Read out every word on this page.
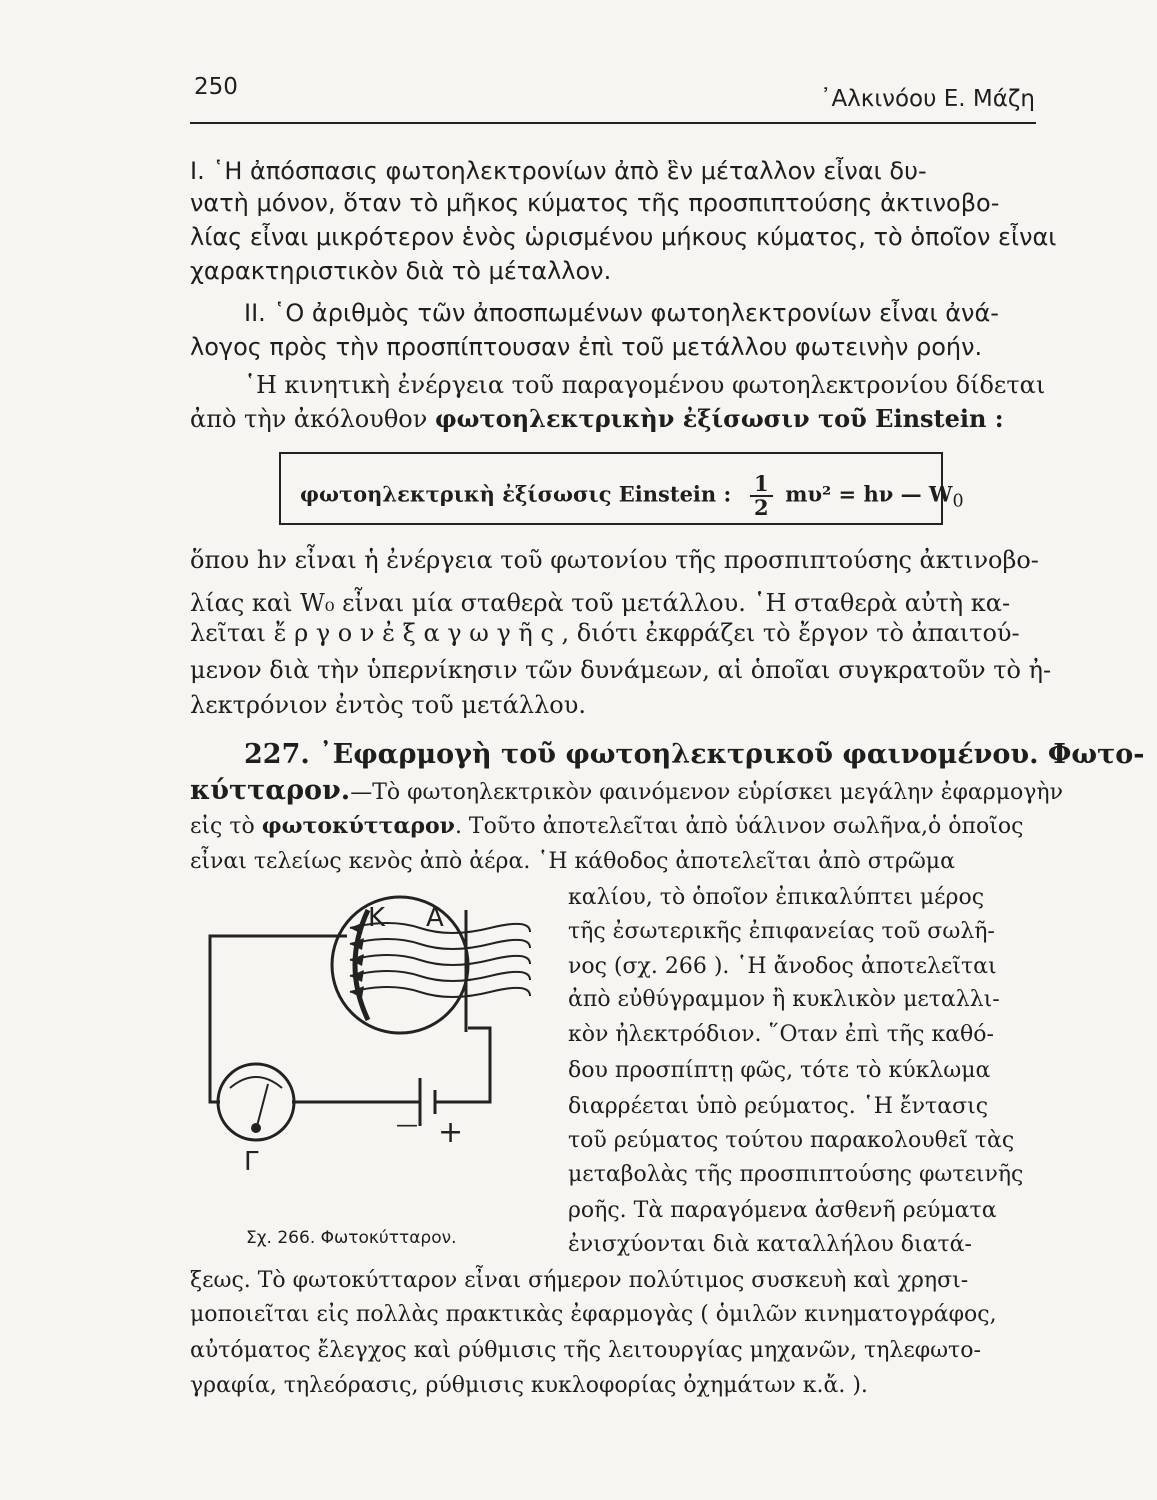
250	᾿Αλκινόου Ε. Μάζη
I. ῾Η ἀπόσπασις φωτοηλεκτρονίων ἀπὸ ἓν μέταλλον εἶναι δυ-
νατὴ μόνον, ὅταν τὸ μῆκος κύματος τῆς προσπιπτούσης ἀκτινοβο-
λίας εἶναι μικρότερον ἑνὸς ὡρισμένου μήκους κύματος, τὸ ὁποῖον εἶναι
χαρακτηριστικὸν διὰ τὸ μέταλλον.
II. ῾Ο ἀριθμὸς τῶν ἀποσπωμένων φωτοηλεκτρονίων εἶναι ἀνά-
λογος πρὸς τὴν προσπίπτουσαν ἐπὶ τοῦ μετάλλου φωτεινὴν ροήν.
῾Η κινητικὴ ἐνέργεια τοῦ παραγομένου φωτοηλεκτρονίου δίδεται
ἀπὸ τὴν ἀκόλουθον φωτοηλεκτρικὴν ἐξίσωσιν τοῦ Einstein :
φωτοηλεκτρικὴ ἐξίσωσις Einstein : $\frac{1}{2} m\upsilon^2 = h\nu$ — $W_0$
ὅπου hν εἶναι ἡ ἐνέργεια τοῦ φωτονίου τῆς προσπιπτούσης ἀκτινοβο-
λίας καὶ W₀ εἶναι μία σταθερὰ τοῦ μετάλλου. ῾Η σταθερὰ αὐτὴ κα-
λεῖται ἔ ρ γ ο ν ἐ ξ α γ ω γ ῆ ς , διότι ἐκφράζει τὸ ἔργον τὸ ἀπαιτού-
μενον διὰ τὴν ὑπερνίκησιν τῶν δυνάμεων, αἱ ὁποῖαι συγκρατοῦν τὸ ἠ-
λεκτρόνιον ἐντὸς τοῦ μετάλλου.
227. ᾿Εφαρμογὴ τοῦ φωτοηλεκτρικοῦ φαινομένου. Φωτο-
κύτταρον.—Τὸ φωτοηλεκτρικὸν φαινόμενον εὑρίσκει μεγάλην ἐφαρμογὴν
εἰς τὸ φωτοκύτταρον. Τοῦτο ἀποτελεῖται ἀπὸ ὑάλινον σωλῆνα,ὁ ὁποῖος
εἶναι τελείως κενὸς ἀπὸ ἀέρα. ῾Η κάθοδος ἀποτελεῖται ἀπὸ στρῶμα
καλίου, τὸ ὁποῖον ἐπικαλύπτει μέρος
τῆς ἐσωτερικῆς ἐπιφανείας τοῦ σωλῆ-
νος (σχ. 266 ). ῾Η ἄνοδος ἀποτελεῖται
ἀπὸ εὐθύγραμμον ἢ κυκλικὸν μεταλλι-
κὸν ἠλεκτρόδιον. ῞Οταν ἐπὶ τῆς καθό-
δου προσπίπτῃ φῶς, τότε τὸ κύκλωμα
διαρρέεται ὑπὸ ρεύματος. ῾Η ἔντασις
τοῦ ρεύματος τούτου παρακολουθεῖ τὰς
μεταβολὰς τῆς προσπιπτούσης φωτεινῆς
ροῆς. Τὰ παραγόμενα ἀσθενῆ ρεύματα
ἐνισχύονται διὰ καταλλήλου διατά-
ξεως. Τὸ φωτοκύτταρον εἶναι σήμερον πολύτιμος συσκευὴ καὶ χρησι-
μοποιεῖται εἰς πολλὰς πρακτικὰς ἐφαρμογὰς ( ὁμιλῶν κινηματογράφος,
αὐτόματος ἔλεγχος καὶ ρύθμισις τῆς λειτουργίας μηχανῶν, τηλεφωτο-
γραφία, τηλεόρασις, ρύθμισις κυκλοφορίας ὀχημάτων κ.ἄ. ).
K A
Γ
— +
Σχ. 266. Φωτοκύτταρον.
